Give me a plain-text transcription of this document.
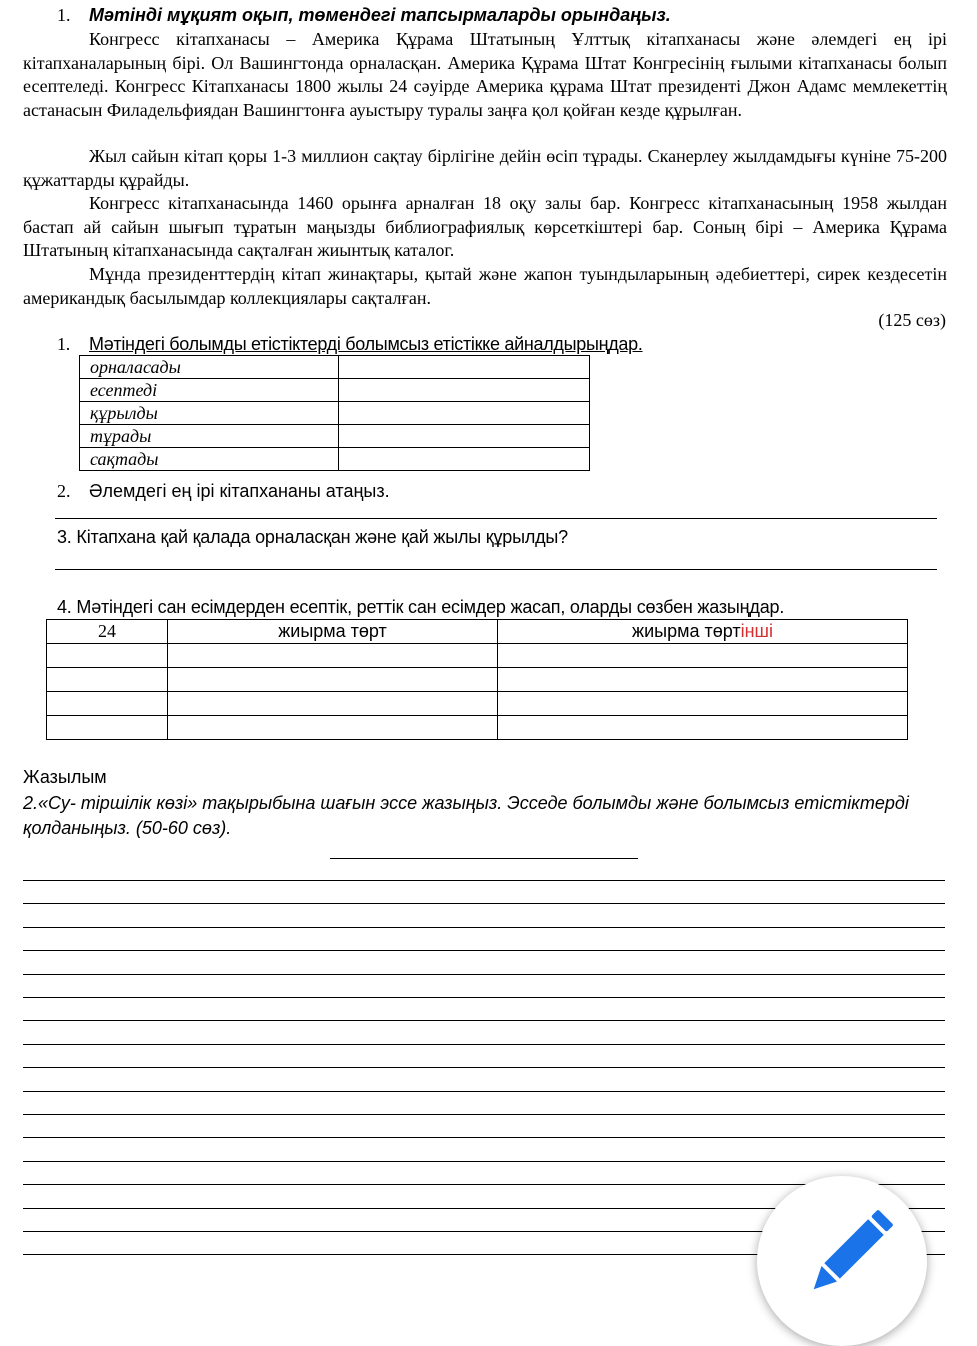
1. Мәтінді мұқият оқып, төмендегі тапсырмаларды орындаңыз.
Конгресс кітапханасы – Америка Құрама Штатының Ұлттық кітапханасы және әлемдегі ең ірі кітапханаларының бірі. Ол Вашингтонда орналасқан. Америка Құрама Штат Конгресінің ғылыми кітапханасы болып есептеледі. Конгресс Кітапханасы 1800 жылы 24 сәуірде Америка құрама Штат президенті Джон Адамс мемлекеттің астанасын Филадельфиядан Вашингтонға ауыстыру туралы заңға қол қойған кезде құрылған.
Жыл сайын кітап қоры 1-3 миллион сақтау бірлігіне дейін өсіп тұрады. Сканерлеу жылдамдығы күніне 75-200 құжаттарды құрайды.
Конгресс кітапханасында 1460 орынға арналған 18 оқу залы бар. Конгресс кітапханасының 1958 жылдан бастап ай сайын шығып тұратын маңызды библиографиялық көрсеткіштері бар. Соның бірі – Америка Құрама Штатының кітапханасында сақталған жиынтық каталог.
Мұнда президенттердің кітап жинақтары, қытай және жапон туындыларының әдебиеттері, сирек кездесетін американдық басылымдар коллекциялары сақталған.
(125 сөз)
1. Мәтіндегі болымды етістіктерді болымсыз етістікке айналдырыңдар.
орналасады	
есептеді	
құрылды	
тұрады	
сақтады	
2. Әлемдегі ең ірі кітапхананы атаңыз.
3. Кітапхана қай қалада орналасқан және қай жылы құрылды?
4. Мәтіндегі сан есімдерден есептік, реттік сан есімдер жасап, оларды сөзбен жазыңдар.
24	жиырма төрт	жиырма төртінші

Жазылым
2.«Су- тіршілік көзі» тақырыбына шағын эссе жазыңыз. Эсседе болымды және болымсыз етістіктерді қолданыңыз. (50-60 сөз).
